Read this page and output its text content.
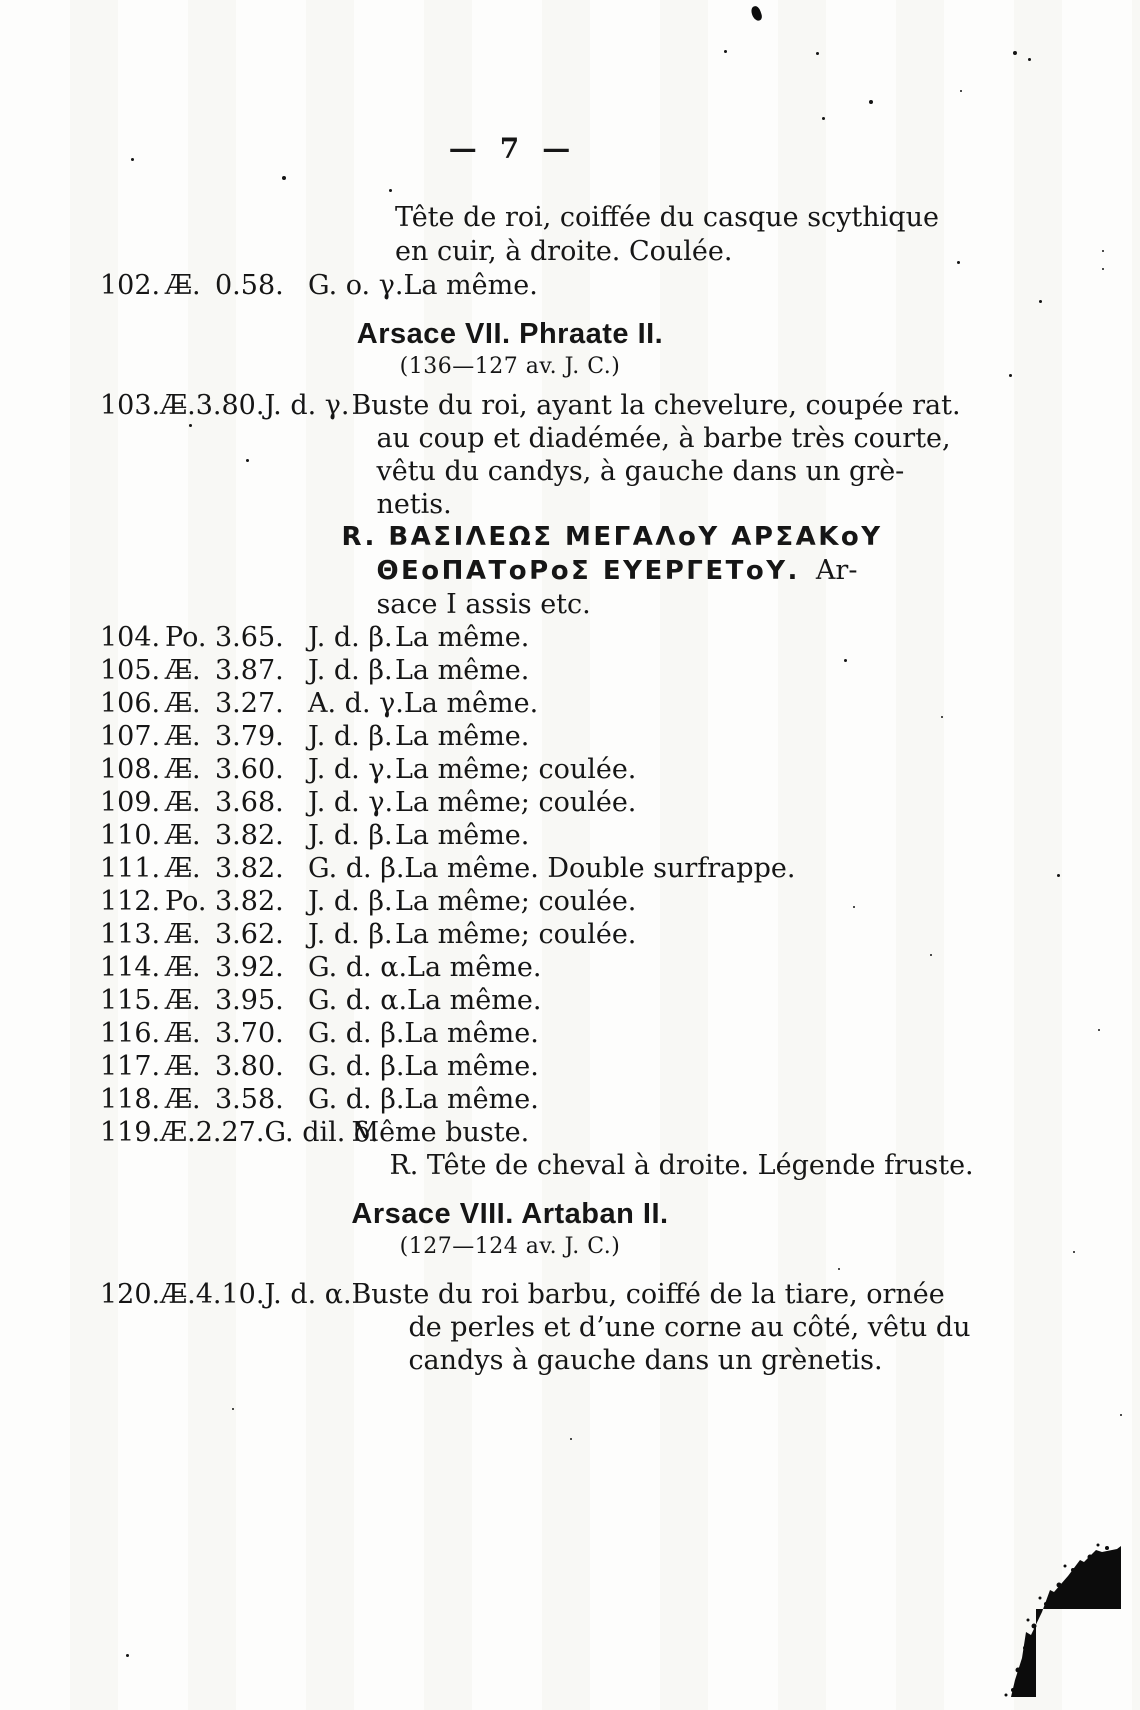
— 7 —
Tête de roi, coiffée du casque scythique
en cuir, à droite. Coulée.
102. Æ̶. 0.58. G. o. γ. La même.
Arsace VII. Phraate II.
(136—127 av. J. C.)
103. Æ̶. 3.80. J. d. γ. Buste du roi, ayant la chevelure, coupée rat.
au coup et diadémée, à barbe très courte,
vêtu du candys, à gauche dans un grè-
netis.
R. ΒΑΣΙΛΕΩΣ ΜΕΓΑΛοΥ ΑΡΣΑΚοΥ
ΘΕοΠΑΤοΡοΣ ΕΥΕΡΓΕΤοΥ. Ar-
sace I assis etc.
104. Po. 3.65. J. d. β. La même.
105. Æ̶. 3.87. J. d. β. La même.
106. Æ̶. 3.27. A. d. γ. La même.
107. Æ̶. 3.79. J. d. β. La même.
108. Æ̶. 3.60. J. d. γ. La même; coulée.
109. Æ̶. 3.68. J. d. γ. La même; coulée.
110. Æ̶. 3.82. J. d. β. La même.
111. Æ̶. 3.82. G. d. β. La même. Double surfrappe.
112. Po. 3.82. J. d. β. La même; coulée.
113. Æ̶. 3.62. J. d. β. La même; coulée.
114. Æ̶. 3.92. G. d. α. La même.
115. Æ̶. 3.95. G. d. α. La même.
116. Æ̶. 3.70. G. d. β. La même.
117. Æ̶. 3.80. G. d. β. La même.
118. Æ̶. 3.58. G. d. β. La même.
119. Æ. 2.27. G. dil. δ.
Même buste.
R. Tête de cheval à droite. Légende fruste.
Arsace VIII. Artaban II.
(127—124 av. J. C.)
120. Æ̶. 4.10. J. d. α. Buste du roi barbu, coiffé de la tiare, ornée
de perles et d’une corne au côté, vêtu du
candys à gauche dans un grènetis.
